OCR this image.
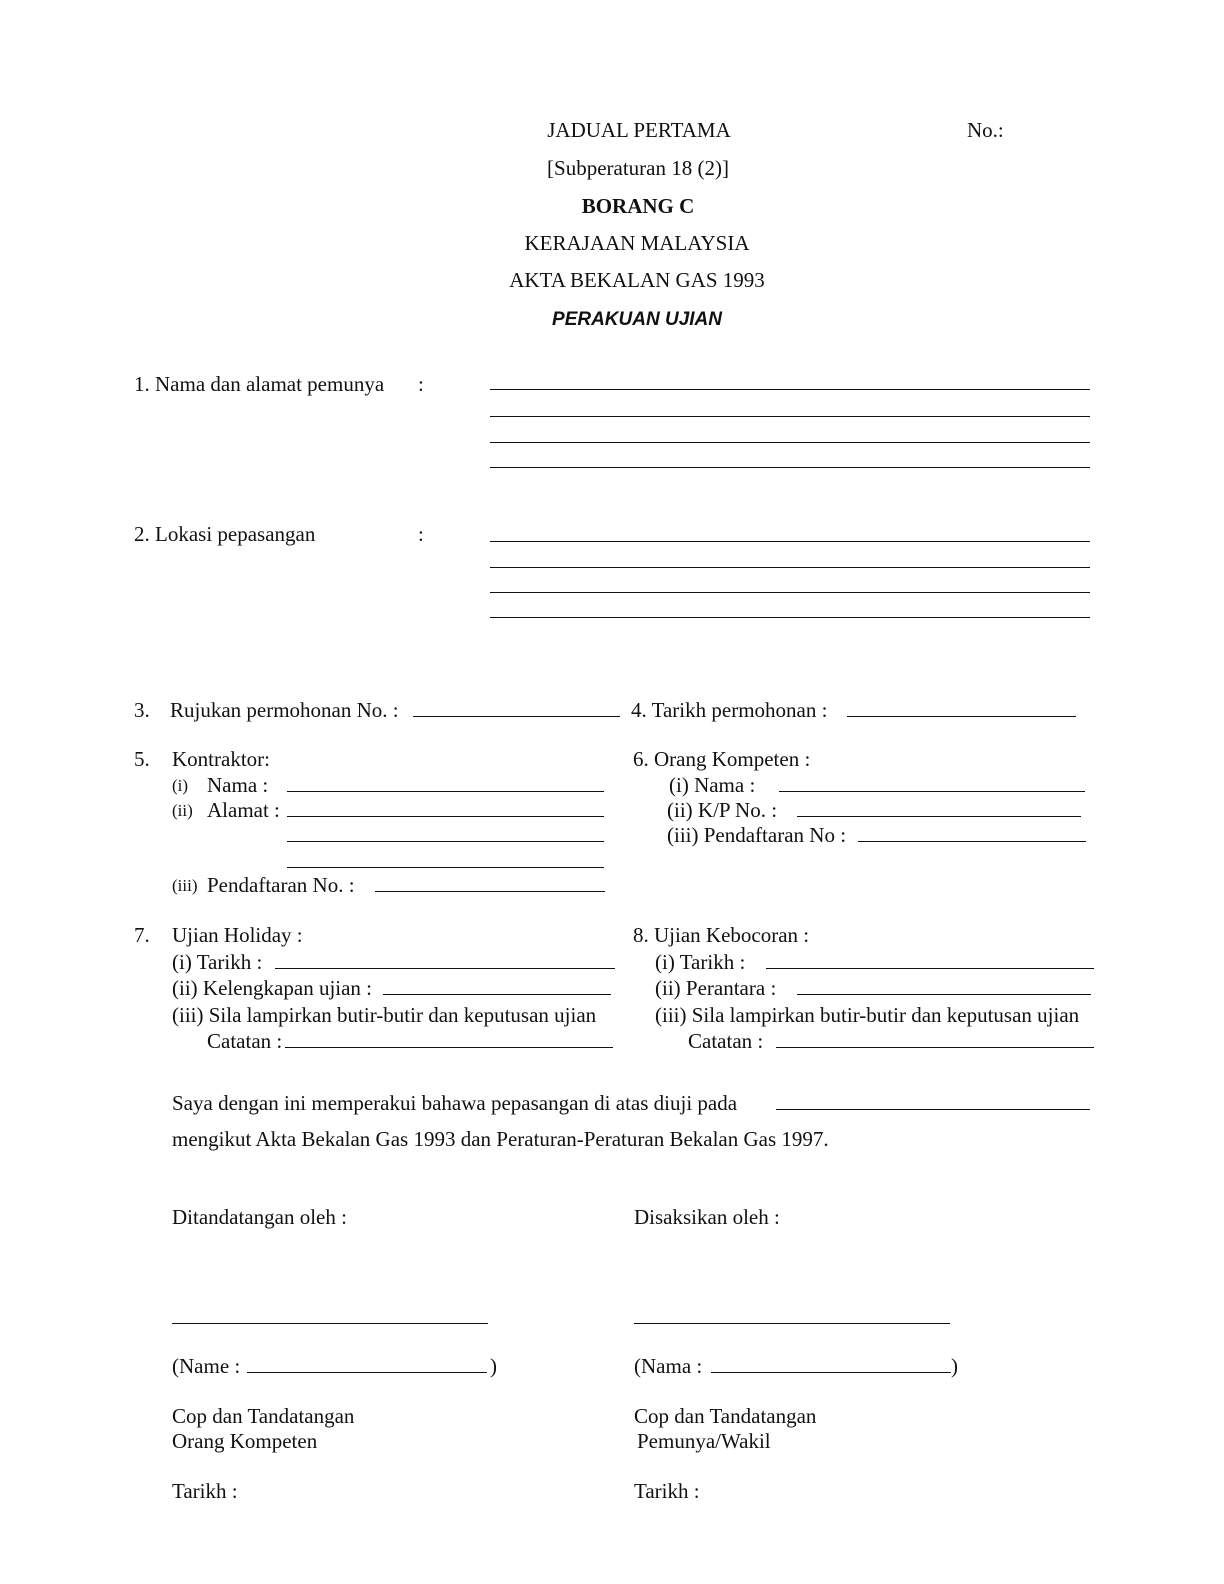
JADUAL PERTAMA	No.:
[Subperaturan 18 (2)]
BORANG C
KERAJAAN MALAYSIA
AKTA BEKALAN GAS 1993
PERAKUAN UJIAN
1. Nama dan alamat pemunya :
2. Lokasi pepasangan	:
3. Rujukan permohonan No. :	4. Tarikh permohonan :
5. Kontraktor:
(i) Nama :
(ii) Alamat :
(iii) Pendaftaran No. :
6. Orang Kompeten :
(i) Nama :
(ii) K/P No. :
(iii) Pendaftaran No :
7. Ujian Holiday :
(i) Tarikh :
(ii) Kelengkapan ujian :
(iii) Sila lampirkan butir-butir dan keputusan ujian
Catatan :
8. Ujian Kebocoran :
(i) Tarikh :
(ii) Perantara :
(iii) Sila lampirkan butir-butir dan keputusan ujian
Catatan :
Saya dengan ini memperakui bahawa pepasangan di atas diuji pada
mengikut Akta Bekalan Gas 1993 dan Peraturan-Peraturan Bekalan Gas 1997.
Ditandatangan oleh :
(Name :	)
Cop dan Tandatangan
Orang Kompeten
Tarikh :
Disaksikan oleh :
(Nama :	)
Cop dan Tandatangan
Pemunya/Wakil
Tarikh :
